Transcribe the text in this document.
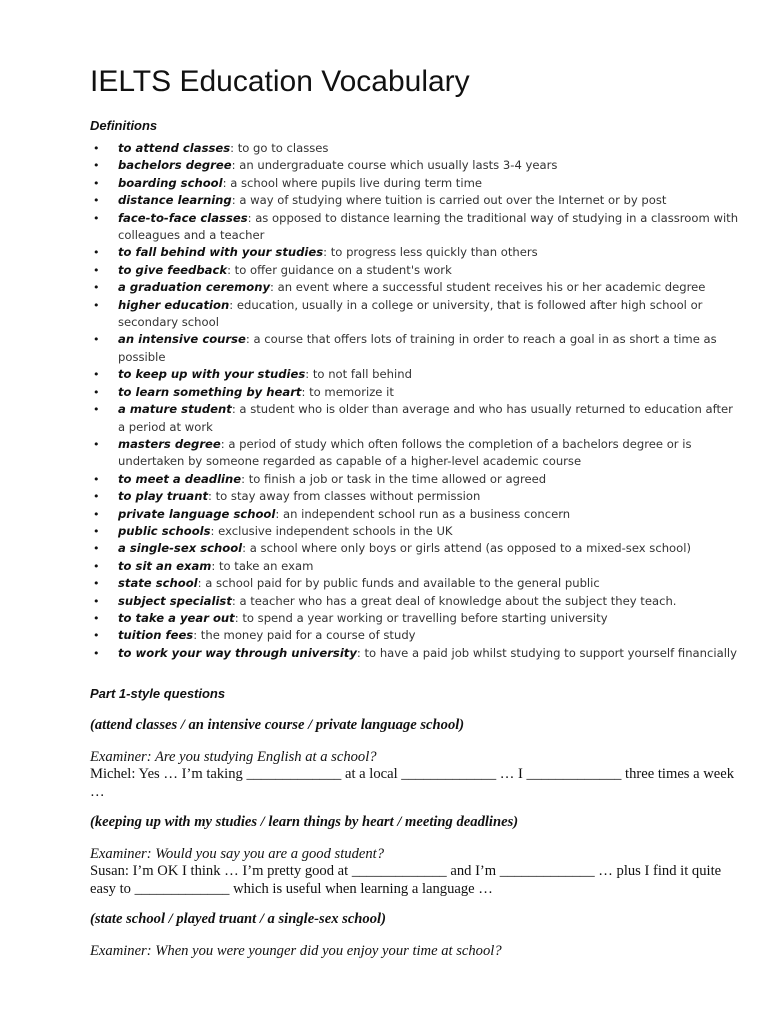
IELTS Education Vocabulary
Definitions
• to attend classes: to go to classes
• bachelors degree: an undergraduate course which usually lasts 3-4 years
• boarding school: a school where pupils live during term time
• distance learning: a way of studying where tuition is carried out over the Internet or by post
• face-to-face classes: as opposed to distance learning the traditional way of studying in a classroom with colleagues and a teacher
• to fall behind with your studies: to progress less quickly than others
• to give feedback: to offer guidance on a student's work
• a graduation ceremony: an event where a successful student receives his or her academic degree
• higher education: education, usually in a college or university, that is followed after high school or secondary school
• an intensive course: a course that offers lots of training in order to reach a goal in as short a time as possible
• to keep up with your studies: to not fall behind
• to learn something by heart: to memorize it
• a mature student: a student who is older than average and who has usually returned to education after a period at work
• masters degree: a period of study which often follows the completion of a bachelors degree or is undertaken by someone regarded as capable of a higher-level academic course
• to meet a deadline: to finish a job or task in the time allowed or agreed
• to play truant: to stay away from classes without permission
• private language school: an independent school run as a business concern
• public schools: exclusive independent schools in the UK
• a single-sex school: a school where only boys or girls attend (as opposed to a mixed-sex school)
• to sit an exam: to take an exam
• state school: a school paid for by public funds and available to the general public
• subject specialist: a teacher who has a great deal of knowledge about the subject they teach.
• to take a year out: to spend a year working or travelling before starting university
• tuition fees: the money paid for a course of study
• to work your way through university: to have a paid job whilst studying to support yourself financially
Part 1-style questions
(attend classes / an intensive course / private language school)
Examiner: Are you studying English at a school?
Michel: Yes … I’m taking _____________ at a local _____________ … I _____________ three times a week …
(keeping up with my studies / learn things by heart / meeting deadlines)
Examiner: Would you say you are a good student?
Susan: I’m OK I think … I’m pretty good at _____________ and I’m _____________ … plus I find it quite easy to _____________ which is useful when learning a language …
(state school / played truant / a single-sex school)
Examiner: When you were younger did you enjoy your time at school?
